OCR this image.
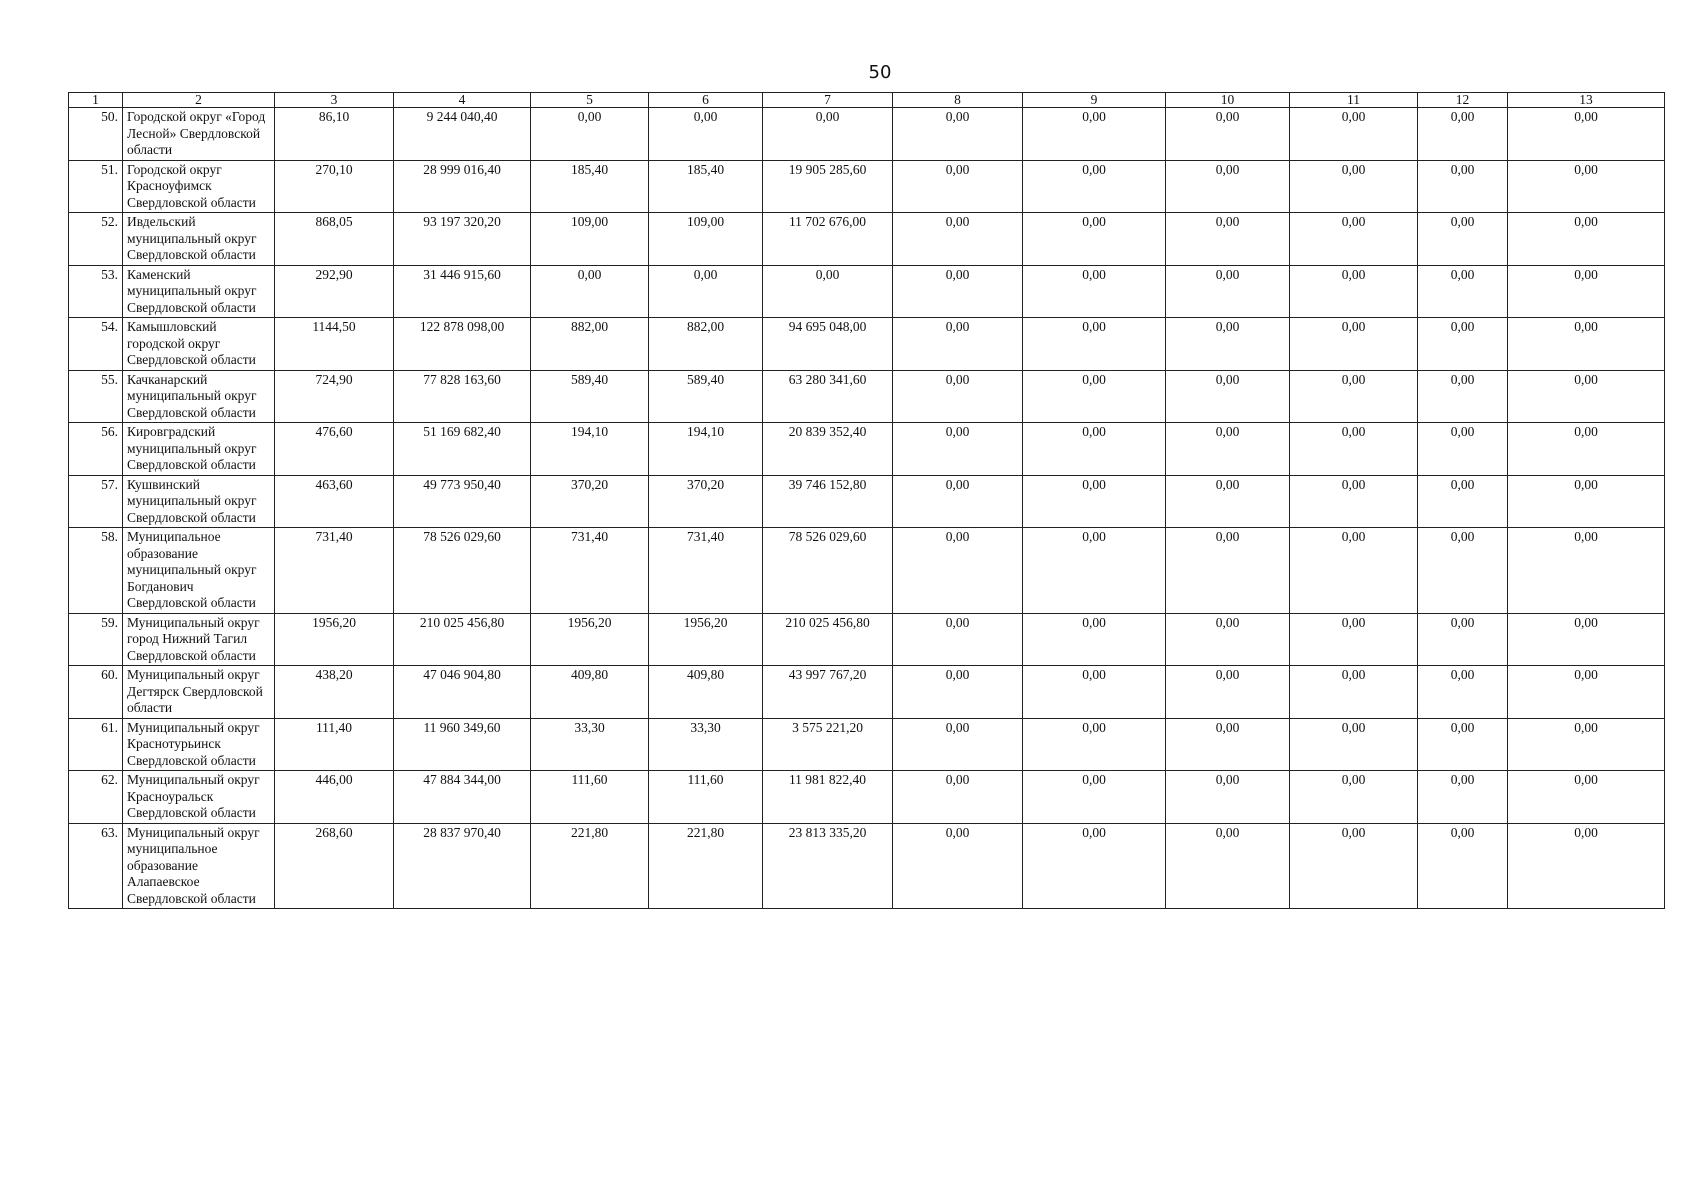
50
1	2	3	4	5	6	7	8	9	10	11	12	13
50.	Городской округ «Город Лесной» Свердловской области	86,10	9 244 040,40	0,00	0,00	0,00	0,00	0,00	0,00	0,00	0,00	0,00
51.	Городской округ Красноуфимск Свердловской области	270,10	28 999 016,40	185,40	185,40	19 905 285,60	0,00	0,00	0,00	0,00	0,00	0,00
52.	Ивдельский муниципальный округ Свердловской области	868,05	93 197 320,20	109,00	109,00	11 702 676,00	0,00	0,00	0,00	0,00	0,00	0,00
53.	Каменский муниципальный округ Свердловской области	292,90	31 446 915,60	0,00	0,00	0,00	0,00	0,00	0,00	0,00	0,00	0,00
54.	Камышловский городской округ Свердловской области	1144,50	122 878 098,00	882,00	882,00	94 695 048,00	0,00	0,00	0,00	0,00	0,00	0,00
55.	Качканарский муниципальный округ Свердловской области	724,90	77 828 163,60	589,40	589,40	63 280 341,60	0,00	0,00	0,00	0,00	0,00	0,00
56.	Кировградский муниципальный округ Свердловской области	476,60	51 169 682,40	194,10	194,10	20 839 352,40	0,00	0,00	0,00	0,00	0,00	0,00
57.	Кушвинский муниципальный округ Свердловской области	463,60	49 773 950,40	370,20	370,20	39 746 152,80	0,00	0,00	0,00	0,00	0,00	0,00
58.	Муниципальное образование муниципальный округ Богданович Свердловской области	731,40	78 526 029,60	731,40	731,40	78 526 029,60	0,00	0,00	0,00	0,00	0,00	0,00
59.	Муниципальный округ город Нижний Тагил Свердловской области	1956,20	210 025 456,80	1956,20	1956,20	210 025 456,80	0,00	0,00	0,00	0,00	0,00	0,00
60.	Муниципальный округ Дегтярск Свердловской области	438,20	47 046 904,80	409,80	409,80	43 997 767,20	0,00	0,00	0,00	0,00	0,00	0,00
61.	Муниципальный округ Краснотурьинск Свердловской области	111,40	11 960 349,60	33,30	33,30	3 575 221,20	0,00	0,00	0,00	0,00	0,00	0,00
62.	Муниципальный округ Красноуральск Свердловской области	446,00	47 884 344,00	111,60	111,60	11 981 822,40	0,00	0,00	0,00	0,00	0,00	0,00
63.	Муниципальный округ муниципальное образование Алапаевское Свердловской области	268,60	28 837 970,40	221,80	221,80	23 813 335,20	0,00	0,00	0,00	0,00	0,00	0,00
